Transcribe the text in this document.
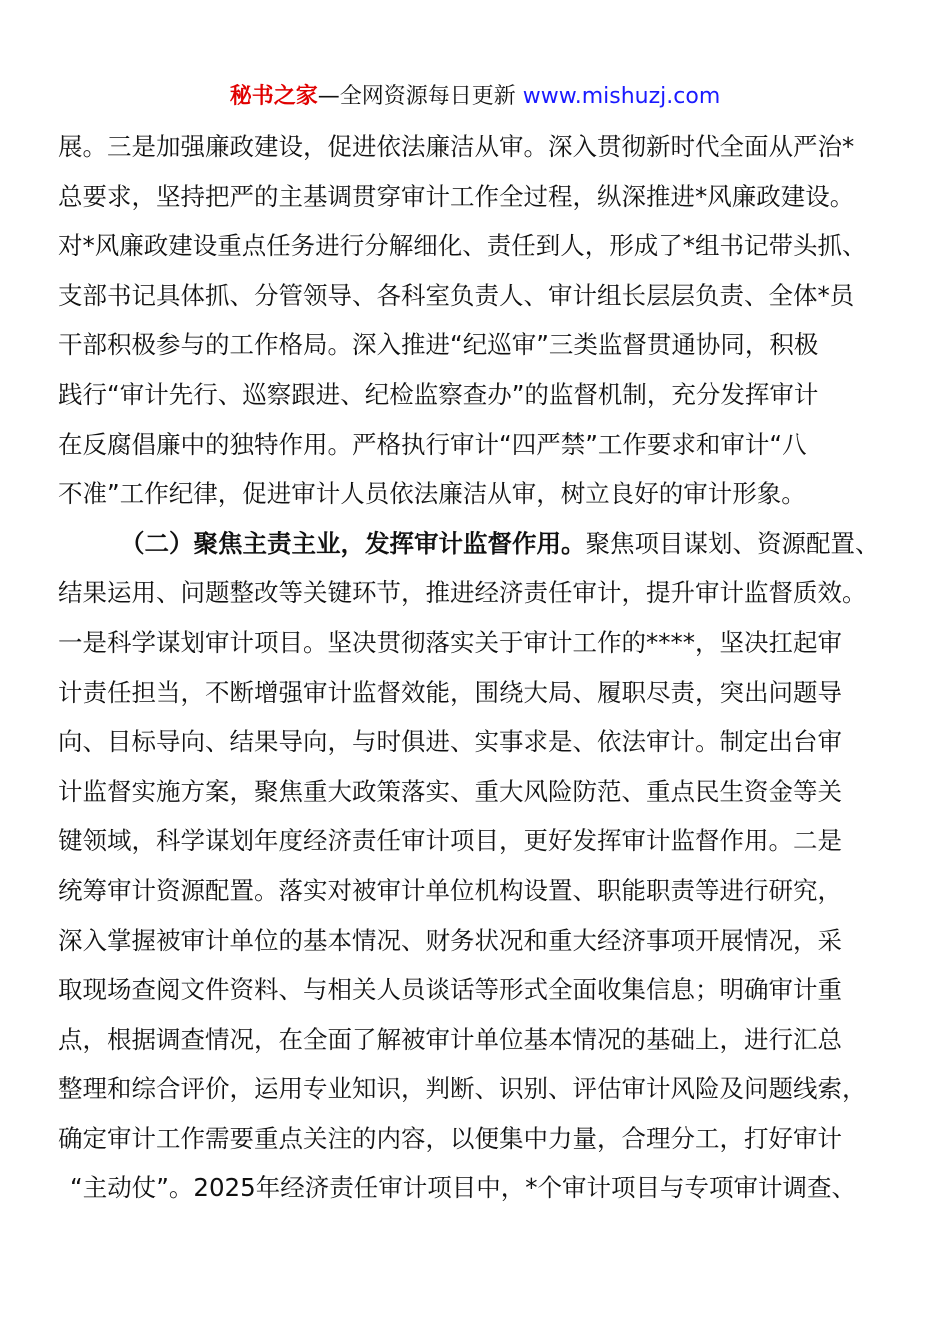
秘书之家—全网资源每日更新 www.mishuzj.com
展。三是加强廉政建设，促进依法廉洁从审。深入贯彻新时代全面从严治*
总要求，坚持把严的主基调贯穿审计工作全过程，纵深推进*风廉政建设。
对*风廉政建设重点任务进行分解细化、责任到人，形成了*组书记带头抓、
支部书记具体抓、分管领导、各科室负责人、审计组长层层负责、全体*员
干部积极参与的工作格局。深入推进“纪巡审”三类监督贯通协同，积极
践行“审计先行、巡察跟进、纪检监察查办”的监督机制，充分发挥审计
在反腐倡廉中的独特作用。严格执行审计“四严禁”工作要求和审计“八
不准”工作纪律，促进审计人员依法廉洁从审，树立良好的审计形象。
（二）聚焦主责主业，发挥审计监督作用。聚焦项目谋划、资源配置、
结果运用、问题整改等关键环节，推进经济责任审计，提升审计监督质效。
一是科学谋划审计项目。坚决贯彻落实关于审计工作的****，坚决扛起审
计责任担当，不断增强审计监督效能，围绕大局、履职尽责，突出问题导
向、目标导向、结果导向，与时俱进、实事求是、依法审计。制定出台审
计监督实施方案，聚焦重大政策落实、重大风险防范、重点民生资金等关
键领域，科学谋划年度经济责任审计项目，更好发挥审计监督作用。二是
统筹审计资源配置。落实对被审计单位机构设置、职能职责等进行研究，
深入掌握被审计单位的基本情况、财务状况和重大经济事项开展情况，采
取现场查阅文件资料、与相关人员谈话等形式全面收集信息；明确审计重
点，根据调查情况，在全面了解被审计单位基本情况的基础上，进行汇总
整理和综合评价，运用专业知识，判断、识别、评估审计风险及问题线索，
确定审计工作需要重点关注的内容，以便集中力量，合理分工，打好审计
“主动仗”。2025年经济责任审计项目中，*个审计项目与专项审计调查、
